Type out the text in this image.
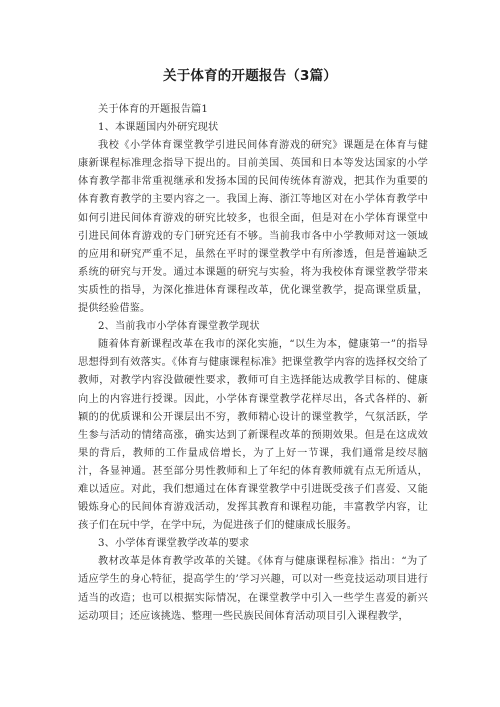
关于体育的开题报告（3篇）

关于体育的开题报告篇1

1、本课题国内外研究现状

我校《小学体育课堂教学引进民间体育游戏的研究》课题是在体育与健康新课程标准理念指导下提出的。目前美国、英国和日本等发达国家的小学体育教学都非常重视继承和发扬本国的民间传统体育游戏，把其作为重要的体育教育教学的主要内容之一。我国上海、浙江等地区对在小学体育教学中如何引进民间体育游戏的研究比较多，也很全面，但是对在小学体育课堂中引进民间体育游戏的专门研究还有不够。当前我市各中小学教师对这一领域的应用和研究严重不足，虽然在平时的课堂教学中有所渗透，但是普遍缺乏系统的研究与开发。通过本课题的研究与实验，将为我校体育课堂教学带来实质性的指导，为深化推进体育课程改革，优化课堂教学，提高课堂质量，提供经验借鉴。

2、当前我市小学体育课堂教学现状

随着体育新课程改革在我市的深化实施，“以生为本，健康第一”的指导思想得到有效落实。《体育与健康课程标准》把课堂教学内容的选择权交给了教师，对教学内容没做硬性要求，教师可自主选择能达成教学目标的、健康向上的内容进行授课。因此，小学体育课堂教学花样尽出，各式各样的、新颖的的优质课和公开课层出不穷，教师精心设计的课堂教学，气氛活跃，学生参与活动的情绪高涨，确实达到了新课程改革的预期效果。但是在这成效果的背后，教师的工作量成倍增长，为了上好一节课，我们通常是绞尽脑汁，各显神通。甚至部分男性教师和上了年纪的体育教师就有点无所适从，难以适应。对此，我们想通过在体育课堂教学中引进既受孩子们喜爱、又能锻炼身心的民间体育游戏活动，发挥其教育和课程功能，丰富教学内容，让孩子们在玩中学，在学中玩，为促进孩子们的健康成长服务。

3、小学体育课堂教学改革的要求

教材改革是体育教学改革的关键。《体育与健康课程标准》指出：“为了适应学生的身心特征，提高学生的’学习兴趣，可以对一些竞技运动项目进行适当的改造；也可以根据实际情况，在课堂教学中引入一些学生喜爱的新兴运动项目；还应该挑选、整理一些民族民间体育活动项目引入课程教学，
